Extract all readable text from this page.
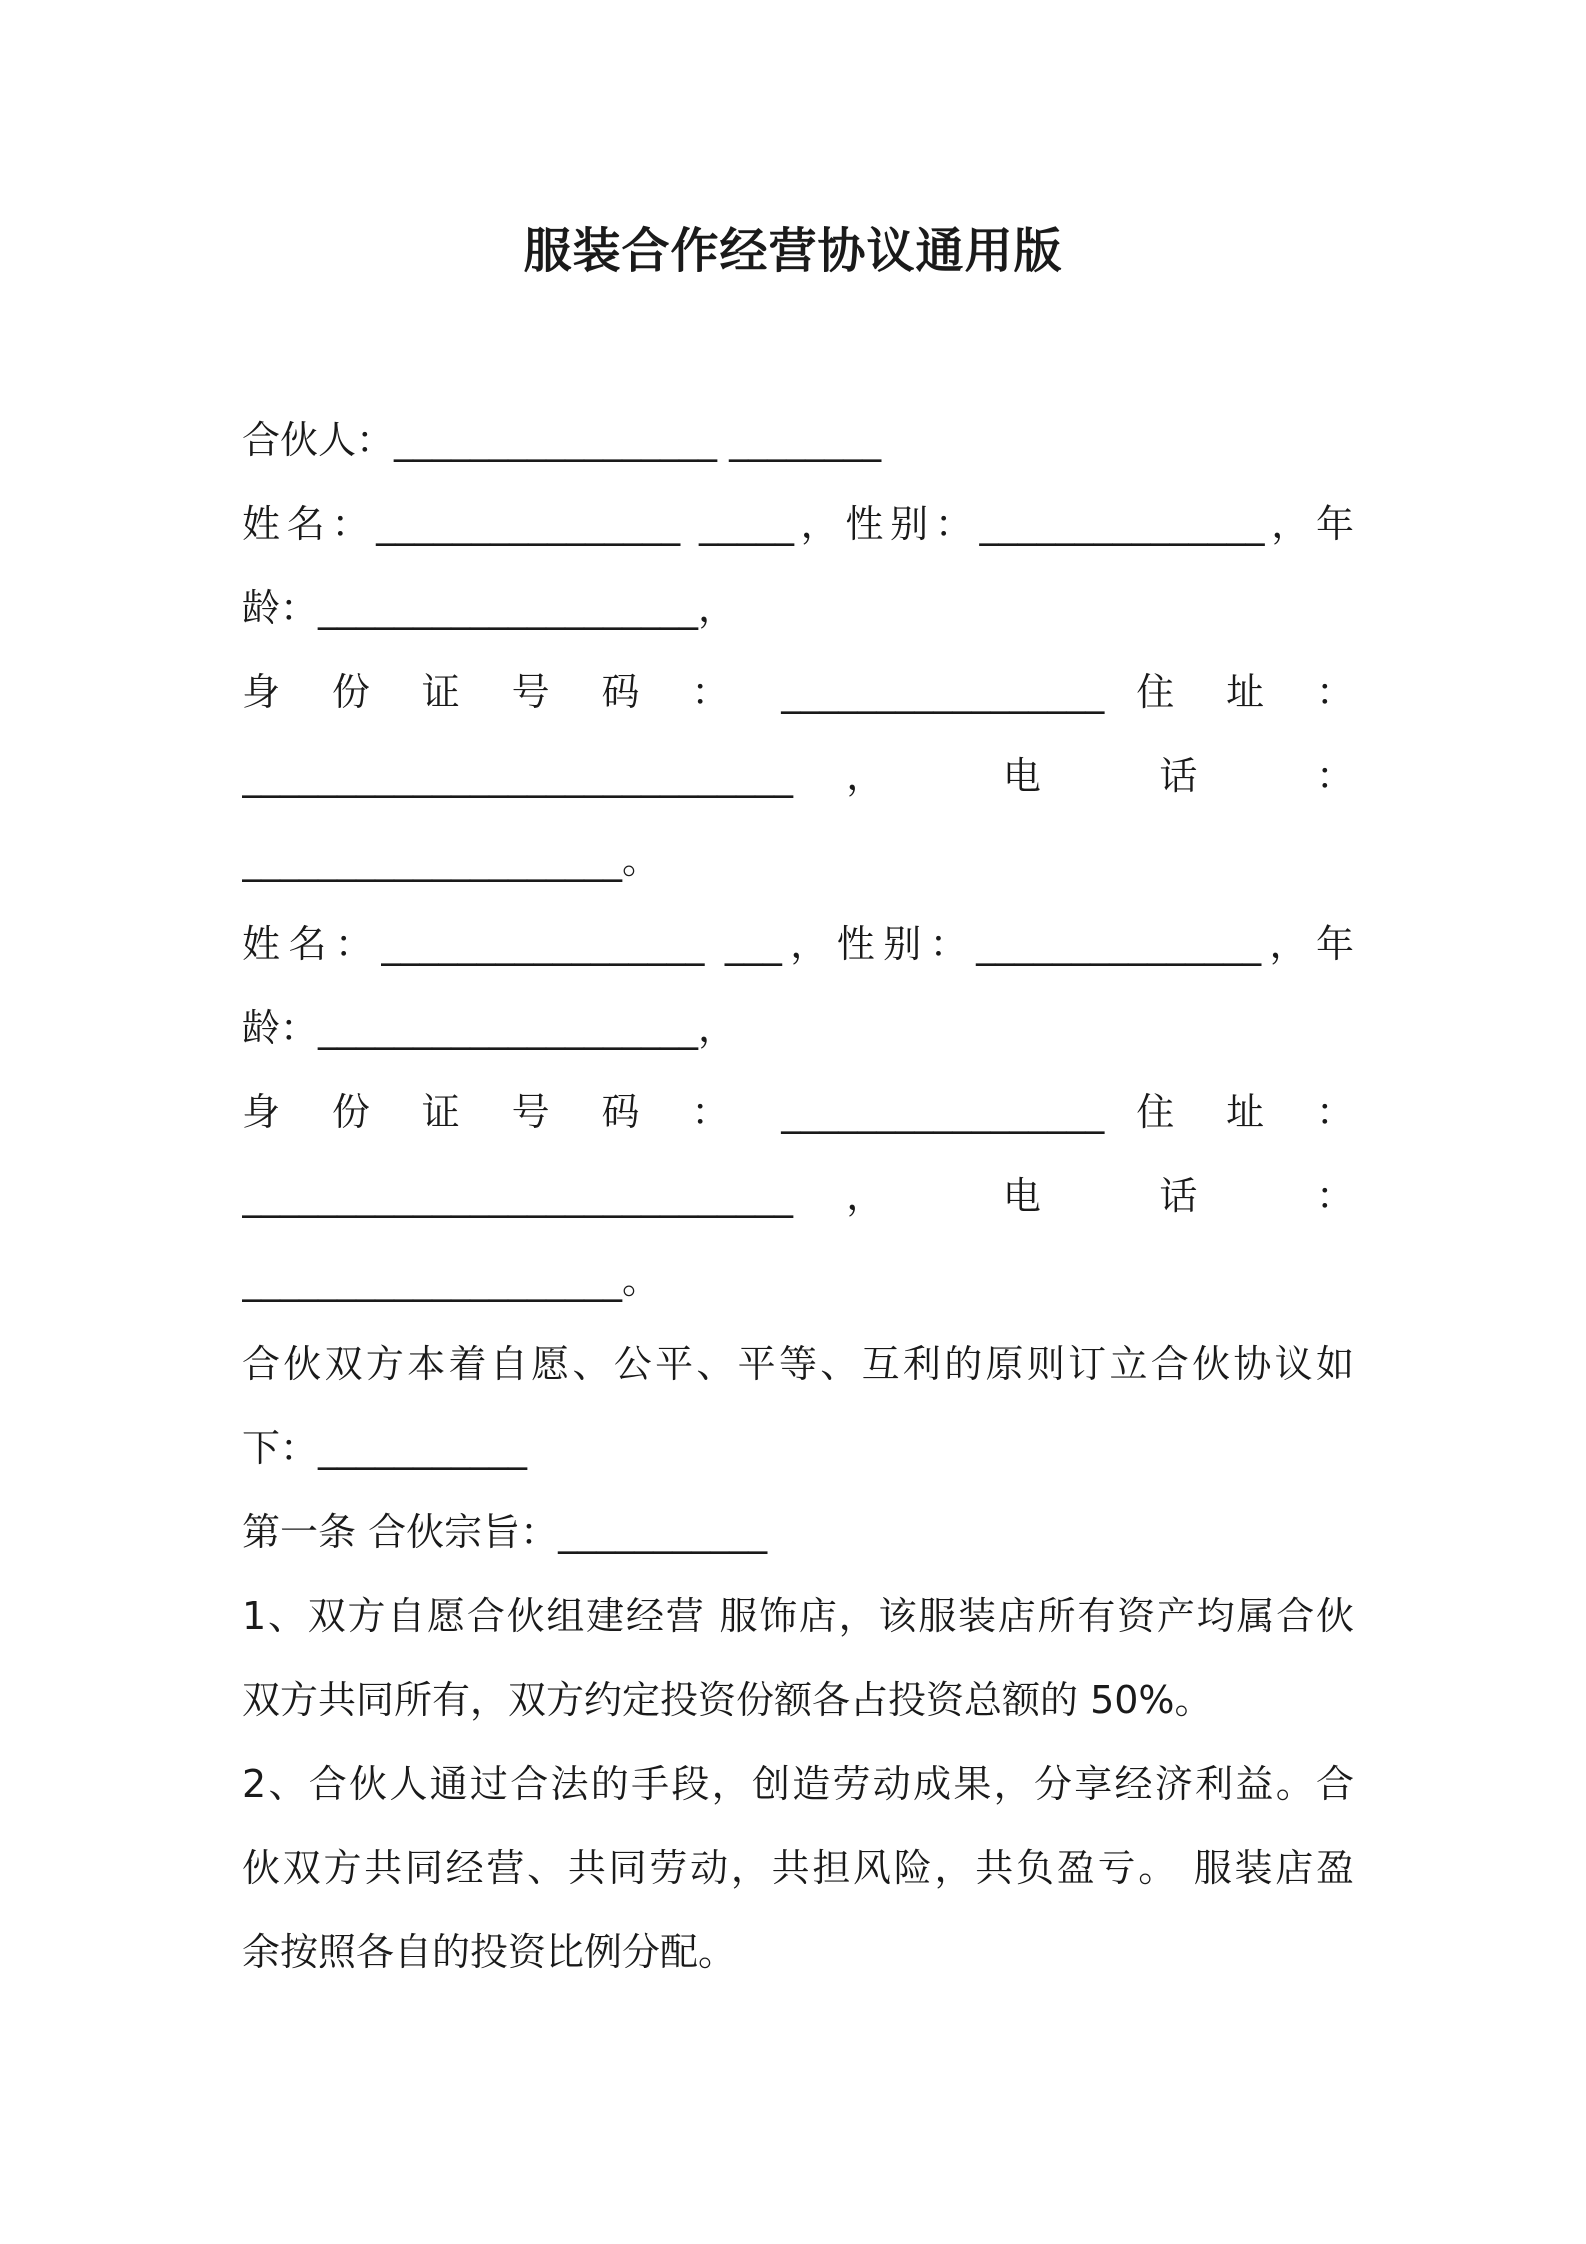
服装合作经营协议通用版
合伙人：_________________ ________
姓名：________________ _____，性别：_______________，年
龄：____________________，
身 份 证 号 码 ： _________________ 住 址 ：
_____________________________， 电 话 ：
____________________。
姓名：_________________ ___，性别：_______________，年
龄：____________________，
身 份 证 号 码 ： _________________ 住 址 ：
_____________________________， 电 话 ：
____________________。
合伙双方本着自愿、公平、平等、互利的原则订立合伙协议如
下：___________
第一条 合伙宗旨：___________
1、双方自愿合伙组建经营 服饰店，该服装店所有资产均属合伙
双方共同所有，双方约定投资份额各占投资总额的 50%。
2、合伙人通过合法的手段，创造劳动成果，分享经济利益。合
伙双方共同经营、共同劳动，共担风险，共负盈亏。 服装店盈
余按照各自的投资比例分配。
